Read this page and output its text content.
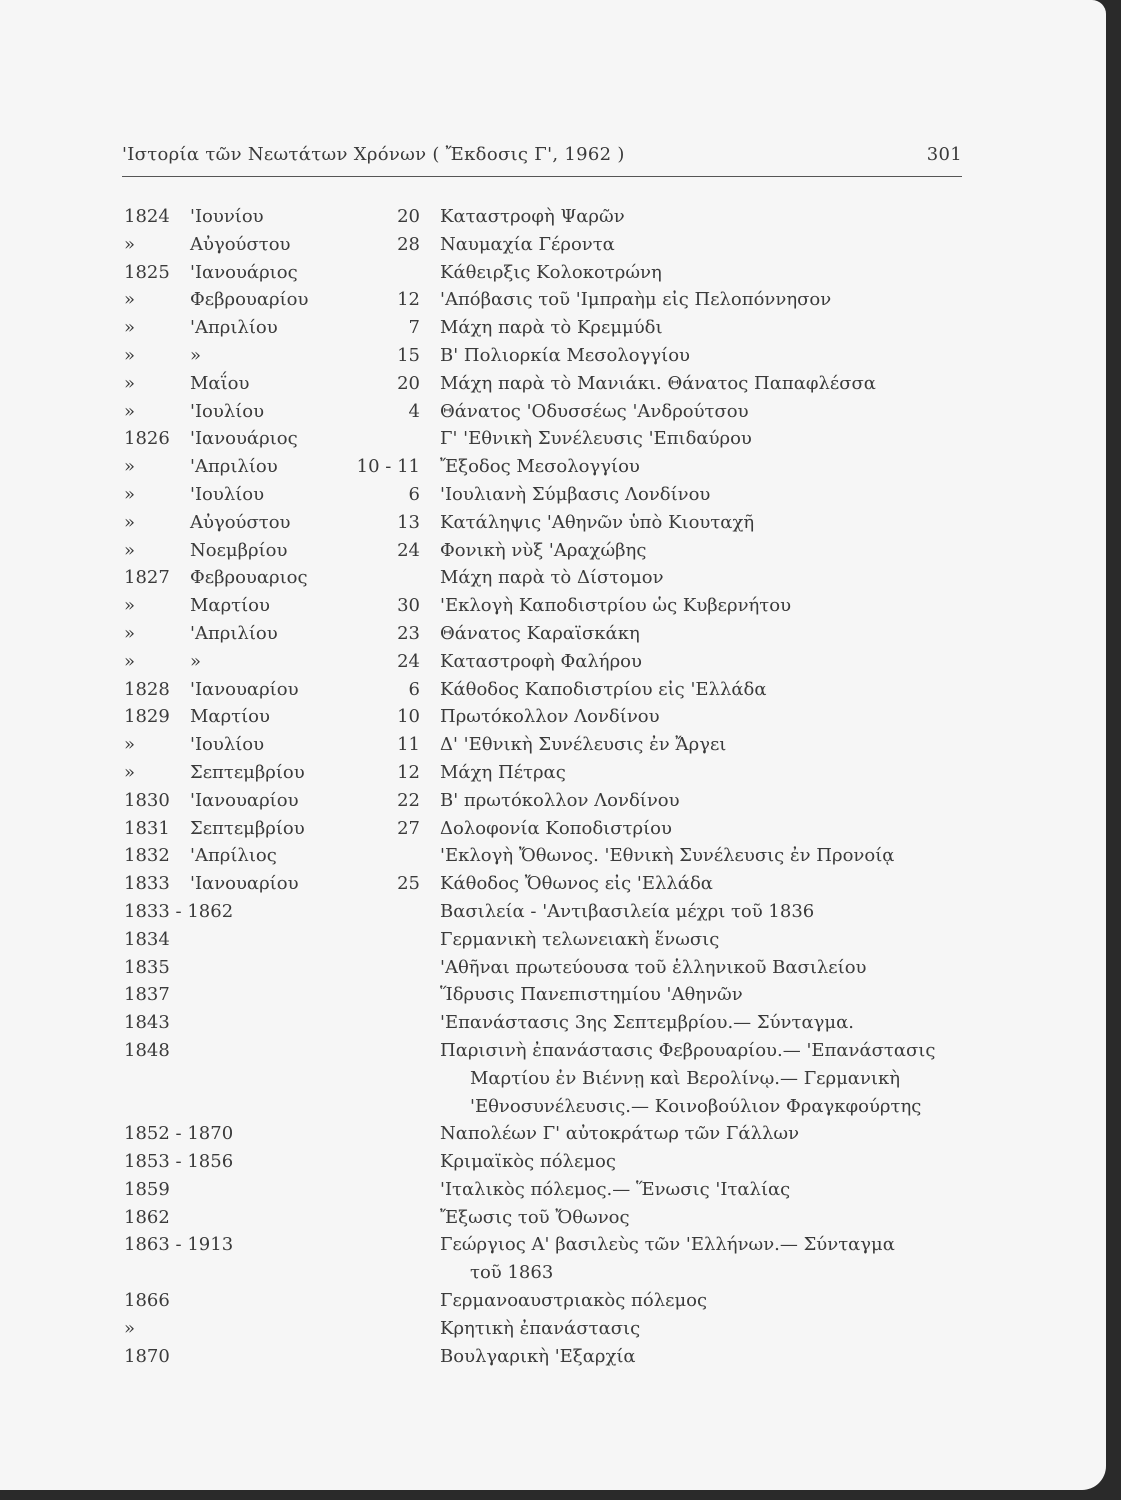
'Ιστορία τῶν Νεωτάτων Χρόνων ( Ἔκδοσις Γ', 1962 )	301
1824 'Ιουνίου	20 Καταστροφὴ Ψαρῶν
»	Αὐγούστου	28 Ναυμαχία Γέροντα
1825 'Ιανουάριος	Κάθειρξις Κολοκοτρώνη
»	Φεβρουαρίου	12 'Απόβασις τοῦ 'Ιμπραὴμ εἰς Πελοπόννησον
»	'Απριλίου	7 Μάχη παρὰ τὸ Κρεμμύδι
»	»	15 Β' Πολιορκία Μεσολογγίου
»	Μαΐου	20 Μάχη παρὰ τὸ Μανιάκι. Θάνατος Παπαφλέσσα
»	'Ιουλίου	4 Θάνατος 'Οδυσσέως 'Ανδρούτσου
1826 'Ιανουάριος	Γ' 'Εθνικὴ Συνέλευσις 'Επιδαύρου
»	'Απριλίου	10 - 11 Ἔξοδος Μεσολογγίου
»	'Ιουλίου	6 'Ιουλιανὴ Σύμβασις Λονδίνου
»	Αὐγούστου	13 Κατάληψις 'Αθηνῶν ὑπὸ Κιουταχῆ
»	Νοεμβρίου	24 Φονικὴ νὺξ 'Αραχώβης
1827 Φεβρουαριος	Μάχη παρὰ τὸ Δίστομον
»	Μαρτίου	30 'Εκλογὴ Καποδιστρίου ὡς Κυβερνήτου
»	'Απριλίου	23 Θάνατος Καραϊσκάκη
»	»	24 Καταστροφὴ Φαλήρου
1828 'Ιανουαρίου	6 Κάθοδος Καποδιστρίου εἰς 'Ελλάδα
1829 Μαρτίου	10 Πρωτόκολλον Λονδίνου
»	'Ιουλίου	11 Δ' 'Εθνικὴ Συνέλευσις ἐν Ἄργει
»	Σεπτεμβρίου	12 Μάχη Πέτρας
1830 'Ιανουαρίου	22 Β' πρωτόκολλον Λονδίνου
1831 Σεπτεμβρίου	27 Δολοφονία Κοποδιστρίου
1832 'Απρίλιος	'Εκλογὴ Ὄθωνος. 'Εθνικὴ Συνέλευσις ἐν Προνοίᾳ
1833 'Ιανουαρίου	25 Κάθοδος Ὄθωνος εἰς 'Ελλάδα
1833 - 1862	Βασιλεία - 'Αντιβασιλεία μέχρι τοῦ 1836
1834	Γερμανικὴ τελωνειακὴ ἕνωσις
1835	'Αθῆναι πρωτεύουσα τοῦ ἑλληνικοῦ Βασιλείου
1837	Ἵδρυσις Πανεπιστημίου 'Αθηνῶν
1843	'Επανάστασις 3ης Σεπτεμβρίου.— Σύνταγμα.
1848	Παρισινὴ ἐπανάστασις Φεβρουαρίου.— 'Επανάστασις
Μαρτίου ἐν Βιέννῃ καὶ Βερολίνῳ.— Γερμανικὴ
'Εθνοσυνέλευσις.— Κοινοβούλιον Φραγκφούρτης
1852 - 1870	Ναπολέων Γ' αὐτοκράτωρ τῶν Γάλλων
1853 - 1856	Κριμαϊκὸς πόλεμος
1859	'Ιταλικὸς πόλεμος.— Ἕνωσις 'Ιταλίας
1862	Ἔξωσις τοῦ Ὄθωνος
1863 - 1913	Γεώργιος Α' βασιλεὺς τῶν 'Ελλήνων.— Σύνταγμα
τοῦ 1863
1866	Γερμανοαυστριακὸς πόλεμος
»	Κρητικὴ ἐπανάστασις
1870	Βουλγαρικὴ 'Εξαρχία
